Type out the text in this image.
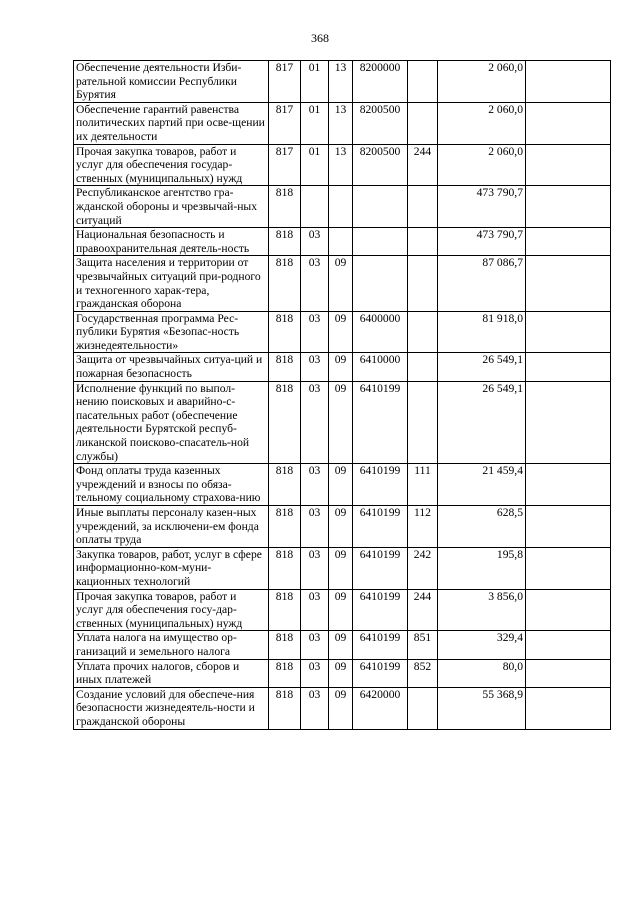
368
Обеспечение деятельности Изби-рательной комиссии Республики Бурятия	817	01	13	8200000		2 060,0	
Обеспечение гарантий равенства политических партий при осве-щении их деятельности	817	01	13	8200500		2 060,0	
Прочая закупка товаров, работ и услуг для обеспечения государ-ственных (муниципальных) нужд	817	01	13	8200500	244	2 060,0	
Республиканское агентство гра-жданской обороны и чрезвычай-ных ситуаций	818					473 790,7	
Национальная безопасность и правоохранительная деятель-ность	818	03				473 790,7	
Защита населения и территории от чрезвычайных ситуаций при-родного и техногенного харак-тера, гражданская оборона	818	03	09			87 086,7	
Государственная программа Рес-публики Бурятия «Безопас-ность жизнедеятельности»	818	03	09	6400000		81 918,0	
Защита от чрезвычайных ситуа-ций и пожарная безопасность	818	03	09	6410000		26 549,1	
Исполнение функций по выпол-нению поисковых и аварийно-с-пасательных работ (обеспечение деятельности Бурятской респуб-ликанской поисково-спасатель-ной службы)	818	03	09	6410199		26 549,1	
Фонд оплаты труда казенных учреждений и взносы по обяза-тельному социальному страхова-нию	818	03	09	6410199	111	21 459,4	
Иные выплаты персоналу казен-ных учреждений, за исключени-ем фонда оплаты труда	818	03	09	6410199	112	628,5	
Закупка товаров, работ, услуг в сфере информационно-ком-муни-кационных технологий	818	03	09	6410199	242	195,8	
Прочая закупка товаров, работ и услуг для обеспечения госу-дар-ственных (муниципальных) нужд	818	03	09	6410199	244	3 856,0	
Уплата налога на имущество ор-ганизаций и земельного налога	818	03	09	6410199	851	329,4	
Уплата прочих налогов, сборов и иных платежей	818	03	09	6410199	852	80,0	
Создание условий для обеспече-ния безопасности жизнедеятель-ности и гражданской обороны	818	03	09	6420000		55 368,9	
